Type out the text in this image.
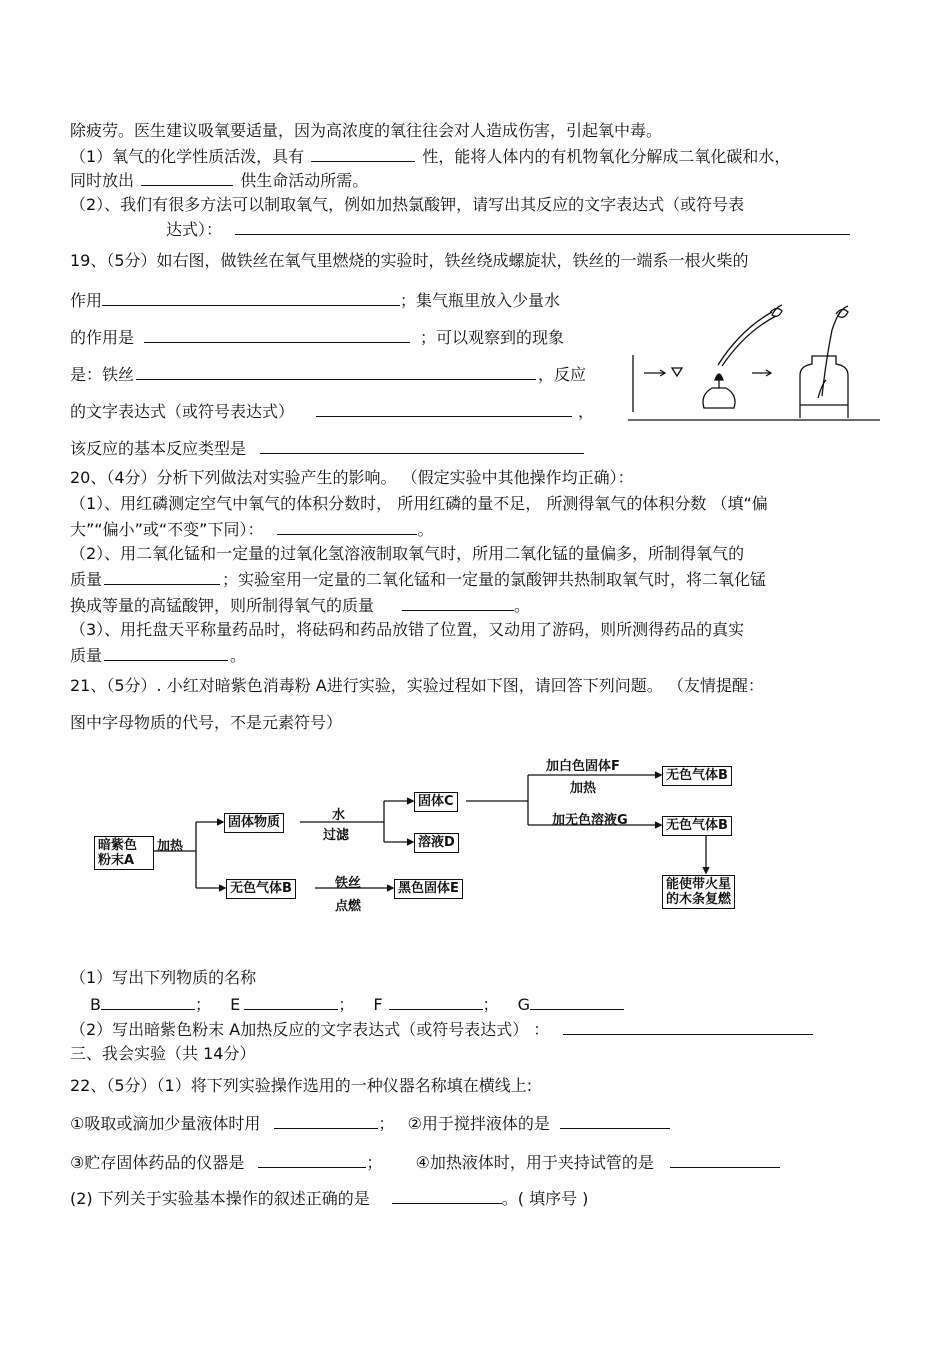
除疲劳。医生建议吸氧要适量，因为高浓度的氧往往会对人造成伤害，引起氧中毒。
（1）氧气的化学性质活泼，具有	性，能将人体内的有机物氧化分解成二氧化碳和水，
同时放出	供生命活动所需。
（2）、我们有很多方法可以制取氧气，例如加热氯酸钾，请写出其反应的文字表达式（或符号表
达式）：
19、（5分）如右图，做铁丝在氧气里燃烧的实验时，铁丝绕成螺旋状，铁丝的一端系一根火柴的
作用	；集气瓶里放入少量水
的作用是	；可以观察到的现象
是：铁丝	，反应
的文字表达式（或符号表达式）	，
该反应的基本反应类型是
20、（4分）分析下列做法对实验产生的影响。 （假定实验中其他操作均正确）：
（1）、用红磷测定空气中氧气的体积分数时， 所用红磷的量不足， 所测得氧气的体积分数 （填“偏
大”“偏小”或“不变”下同）：	。
（2）、用二氧化锰和一定量的过氧化氢溶液制取氧气时，所用二氧化锰的量偏多，所制得氧气的
质量	；实验室用一定量的二氧化锰和一定量的氯酸钾共热制取氧气时，将二氧化锰
换成等量的高锰酸钾，则所制得氧气的质量	。
（3）、用托盘天平称量药品时，将砝码和药品放错了位置，又动用了游码，则所测得药品的真实
质量	。
21、（5分）. 小红对暗紫色消毒粉 A进行实验，实验过程如下图，请回答下列问题。 （友情提醒：
图中字母物质的代号，不是元素符号）
暗紫色
粉末A
加热
固体物质	水
过滤
固体C
溶液D
无色气体B	铁丝
点燃
黑色固体E
加白色固体F
加热
无色气体B
加无色溶液G	无色气体B
能使带火星
的木条复燃
（1）写出下列物质的名称
B	； E	； F	； G
（2）写出暗紫色粉末 A加热反应的文字表达式（或符号表达式） ：
三、我会实验（共 14分）
22、（5分）（1）将下列实验操作选用的一种仪器名称填在横线上:
①吸取或滴加少量液体时用	； ②用于搅拌液体的是
③贮存固体药品的仪器是	； ④加热液体时，用于夹持试管的是
(2) 下列关于实验基本操作的叙述正确的是	。( 填序号 )
